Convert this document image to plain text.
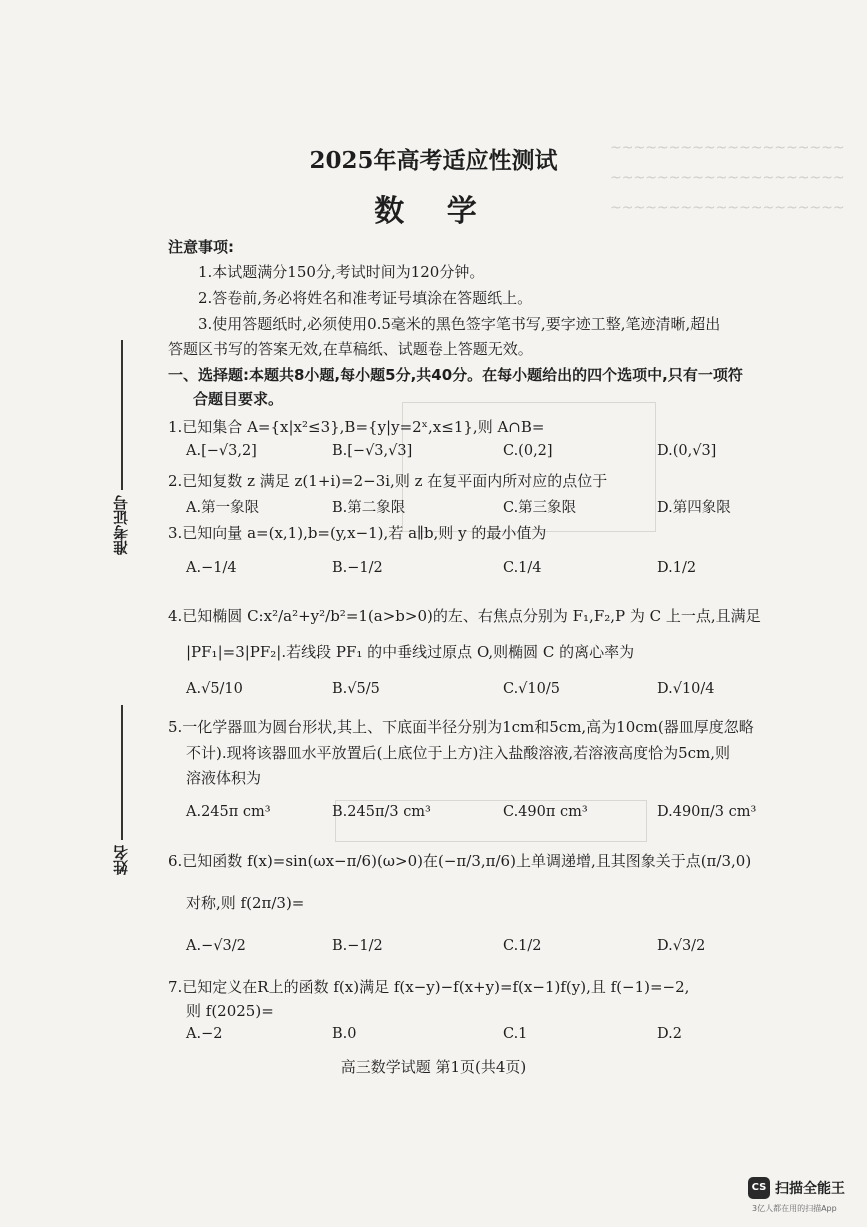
~~~~~~~~~~~~~~~~~~~~
~~~~~~~~~~~~~~~~~~~~
~~~~~~~~~~~~~~~~~~~~
准考证号
姓名
2025年高考适应性测试
数 学
注意事项:
1.本试题满分150分,考试时间为120分钟。
2.答卷前,务必将姓名和准考证号填涂在答题纸上。
3.使用答题纸时,必须使用0.5毫米的黑色签字笔书写,要字迹工整,笔迹清晰,超出
答题区书写的答案无效,在草稿纸、试题卷上答题无效。
一、选择题:本题共8小题,每小题5分,共40分。在每小题给出的四个选项中,只有一项符
合题目要求。
1.已知集合 A={x|x²≤3},B={y|y=2ˣ,x≤1},则 A∩B=
A.[−√3,2]	B.[−√3,√3]	C.(0,2]	D.(0,√3]
2.已知复数 z 满足 z(1+i)=2−3i,则 z 在复平面内所对应的点位于
A.第一象限	B.第二象限	C.第三象限	D.第四象限
3.已知向量 a=(x,1),b=(y,x−1),若 a∥b,则 y 的最小值为
A.−1/4	B.−1/2	C.1/4	D.1/2
4.已知椭圆 C:x²/a²+y²/b²=1(a>b>0)的左、右焦点分别为 F₁,F₂,P 为 C 上一点,且满足
|PF₁|=3|PF₂|.若线段 PF₁ 的中垂线过原点 O,则椭圆 C 的离心率为
A.√5/10	B.√5/5	C.√10/5	D.√10/4
5.一化学器皿为圆台形状,其上、下底面半径分别为1cm和5cm,高为10cm(器皿厚度忽略
不计).现将该器皿水平放置后(上底位于上方)注入盐酸溶液,若溶液高度恰为5cm,则
溶液体积为
A.245π cm³	B.245π/3 cm³	C.490π cm³	D.490π/3 cm³
6.已知函数 f(x)=sin(ωx−π/6)(ω>0)在(−π/3,π/6)上单调递增,且其图象关于点(π/3,0)
对称,则 f(2π/3)=
A.−√3/2	B.−1/2	C.1/2	D.√3/2
7.已知定义在R上的函数 f(x)满足 f(x−y)−f(x+y)=f(x−1)f(y),且 f(−1)=−2,
则 f(2025)=
A.−2	B.0	C.1	D.2
高三数学试题 第1页(共4页)
CS 扫描全能王
3亿人都在用的扫描App
